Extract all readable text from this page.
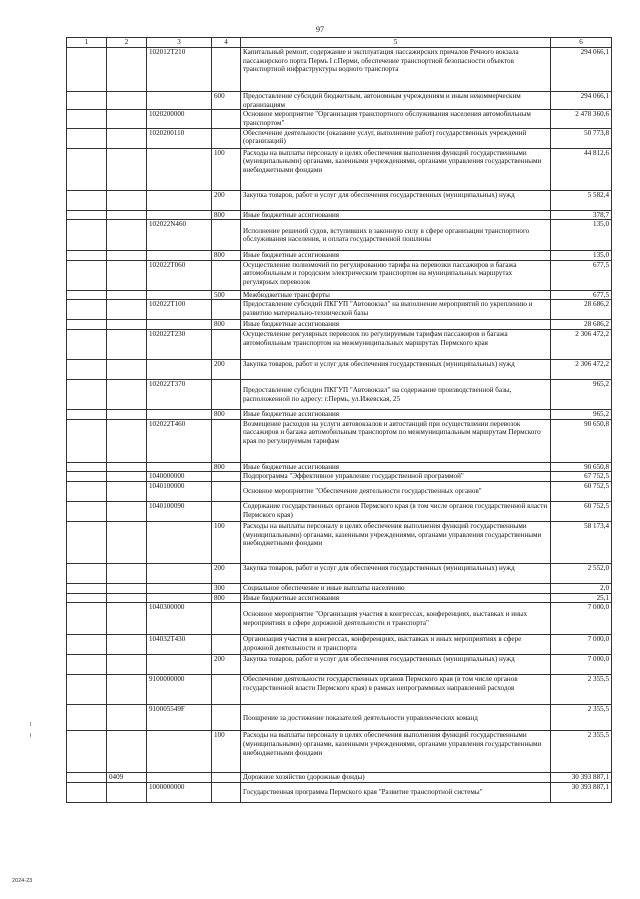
97
1	2	3	4	5	6
		102012T210		Капитальный ремонт, содержание и эксплуатация пассажирских причалов Речного вокзала пассажирского порта Пермь I г.Перми, обеспечение транспортной безопасности объектов транспортной инфраструктуры водного транспорта	294 066,1
			600	Предоставление субсидий бюджетным, автономным учреждениям и иным некоммерческим организациям	294 066,1
		1020200000		Основное мероприятие "Организация транспортного обслуживания населения автомобильным транспортом"	2 478 360,6
		1020200110		Обеспечение деятельности (оказание услуг, выполнение работ) государственных учреждений (организаций)	50 773,8
			100	Расходы на выплаты персоналу в целях обеспечения выполнения функций государственными (муниципальными) органами, казенными учреждениями, органами управления государственными внебюджетными фондами	44 812,6
			200	Закупка товаров, работ и услуг для обеспечения государственных (муниципальных) нужд	5 582,4
			800	Иные бюджетные ассигнования	378,7
		102022N460		Исполнение решений судов, вступивших в законную силу в сфере организации транспортного обслуживания населения, и оплата государственной пошлины	135,0
			800	Иные бюджетные ассигнования	135,0
		102022T060		Осуществление полномочий по регулированию тарифа на перевозки пассажиров и багажа автомобильным и городским электрическим транспортом на муниципальных маршрутах регулярных перевозок	677,5
			500	Межбюджетные трансферты	677,5
		102022T100		Предоставление субсидий ПКГУП "Автовокзал" на выполнение мероприятий по укреплению и развитию материально-технической базы	28 686,2
			800	Иные бюджетные ассигнования	28 686,2
		102022T230		Осуществление регулярных перевозок по регулируемым тарифам пассажиров и багажа автомобильным транспортом на межмуниципальных маршрутах Пермского края	2 306 472,2
			200	Закупка товаров, работ и услуг для обеспечения государственных (муниципальных) нужд	2 306 472,2
		102022T370		Предоставление субсидии ПКГУП "Автовокзал" на содержание производственной базы, расположенной по адресу: г.Пермь, ул.Ижевская, 25	965,2
			800	Иные бюджетные ассигнования	965,2
		102022T460		Возмещение расходов на услуги автовокзалов и автостанций при осуществлении перевозок пассажиров и багажа автомобильным транспортом по межмуниципальным маршрутам Пермского края по регулируемым тарифам	90 650,8
			800	Иные бюджетные ассигнования	90 650,8
		1040000000		Подпрограмма "Эффективное управление государственной программой"	67 752,5
		1040100000		Основное мероприятие "Обеспечение деятельности государственных органов"	60 752,5
		1040100090		Содержание государственных органов Пермского края (в том числе органов государственной власти Пермского края)	60 752,5
			100	Расходы на выплаты персоналу в целях обеспечения выполнения функций государственными (муниципальными) органами, казенными учреждениями, органами управления государственными внебюджетными фондами	58 173,4
			200	Закупка товаров, работ и услуг для обеспечения государственных (муниципальных) нужд	2 552,0
			300	Социальное обеспечение и иные выплаты населению	2,0
			800	Иные бюджетные ассигнования	25,1
		1040300000		Основное мероприятие "Организация участия в конгрессах, конференциях, выставках и иных мероприятиях в сфере дорожной деятельности и транспорта"	7 000,0
		104032T430		Организация участия в конгрессах, конференциях, выставках и иных мероприятиях в сфере дорожной деятельности и транспорта	7 000,0
			200	Закупка товаров, работ и услуг для обеспечения государственных (муниципальных) нужд	7 000,0
		9100000000		Обеспечение деятельности государственных органов Пермского края (в том числе органов государственной власти Пермского края) в рамках непрограммных направлений расходов	2 355,5
		910005549F		Поощрение за достижение показателей деятельности управленческих команд	2 355,5
			100	Расходы на выплаты персоналу в целях обеспечения выполнения функций государственными (муниципальными) органами, казенными учреждениями, органами управления государственными внебюджетными фондами	2 355,5
	0409			Дорожное хозяйство (дорожные фонды)	30 393 887,1
		1000000000		Государственная программа Пермского края "Развитие транспортной системы"	30 393 887,1
2024-23
